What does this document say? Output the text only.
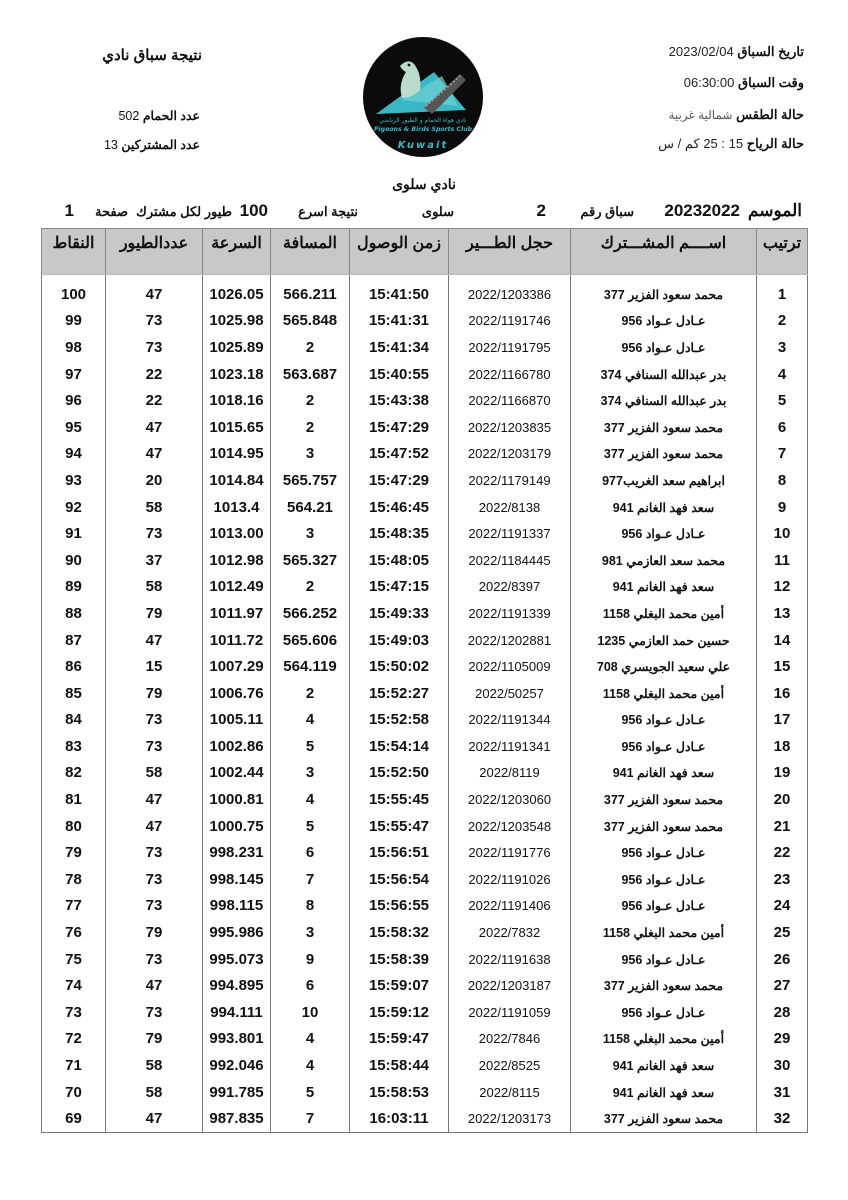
تاريخ السباق 2023/02/04
وقت السباق 06:30:00
حالة الطقس شمالية غربية
حالة الرياح 15 : 25 كم / س
نتيجة سباق نادي
عدد الحمام 502
عدد المشتركين 13
نادي هواة الحمام و الطيور الرياضي
Pigeons & Birds Sports Club
Kuwait
نادي سلوى
الموسم
20232022
سباق رقم
2
سلوى
نتيجة اسرع
100
طيور لكل مشترك
صفحة
1
ترتيب	اســــم المشـــترك	حجل الطـــير	زمن الوصول	المسافة	السرعة	عددالطيور	النقاط
1	محمد سعود الفزير 377	2022/1203386	15:41:50	566.211	1026.05	47	100
2	عـادل عـواد 956	2022/1191746	15:41:31	565.848	1025.98	73	99
3	عـادل عـواد 956	2022/1191795	15:41:34	2	1025.89	73	98
4	بدر عبدالله السنافي 374	2022/1166780	15:40:55	563.687	1023.18	22	97
5	بدر عبدالله السنافي 374	2022/1166870	15:43:38	2	1018.16	22	96
6	محمد سعود الفزير 377	2022/1203835	15:47:29	2	1015.65	47	95
7	محمد سعود الفزير 377	2022/1203179	15:47:52	3	1014.95	47	94
8	ابراهيم سعد الغريب977	2022/1179149	15:47:29	565.757	1014.84	20	93
9	سعد فهد الغانم 941	2022/8138	15:46:45	564.21	1013.4	58	92
10	عـادل عـواد 956	2022/1191337	15:48:35	3	1013.00	73	91
11	محمد سعد العازمي 981	2022/1184445	15:48:05	565.327	1012.98	37	90
12	سعد فهد الغانم 941	2022/8397	15:47:15	2	1012.49	58	89
13	أمين محمد البغلي 1158	2022/1191339	15:49:33	566.252	1011.97	79	88
14	حسين حمد العازمي 1235	2022/1202881	15:49:03	565.606	1011.72	47	87
15	علي سعيد الجويسري 708	2022/1105009	15:50:02	564.119	1007.29	15	86
16	أمين محمد البغلي 1158	2022/50257	15:52:27	2	1006.76	79	85
17	عـادل عـواد 956	2022/1191344	15:52:58	4	1005.11	73	84
18	عـادل عـواد 956	2022/1191341	15:54:14	5	1002.86	73	83
19	سعد فهد الغانم 941	2022/8119	15:52:50	3	1002.44	58	82
20	محمد سعود الفزير 377	2022/1203060	15:55:45	4	1000.81	47	81
21	محمد سعود الفزير 377	2022/1203548	15:55:47	5	1000.75	47	80
22	عـادل عـواد 956	2022/1191776	15:56:51	6	998.231	73	79
23	عـادل عـواد 956	2022/1191026	15:56:54	7	998.145	73	78
24	عـادل عـواد 956	2022/1191406	15:56:55	8	998.115	73	77
25	أمين محمد البغلي 1158	2022/7832	15:58:32	3	995.986	79	76
26	عـادل عـواد 956	2022/1191638	15:58:39	9	995.073	73	75
27	محمد سعود الفزير 377	2022/1203187	15:59:07	6	994.895	47	74
28	عـادل عـواد 956	2022/1191059	15:59:12	10	994.111	73	73
29	أمين محمد البغلي 1158	2022/7846	15:59:47	4	993.801	79	72
30	سعد فهد الغانم 941	2022/8525	15:58:44	4	992.046	58	71
31	سعد فهد الغانم 941	2022/8115	15:58:53	5	991.785	58	70
32	محمد سعود الفزير 377	2022/1203173	16:03:11	7	987.835	47	69
